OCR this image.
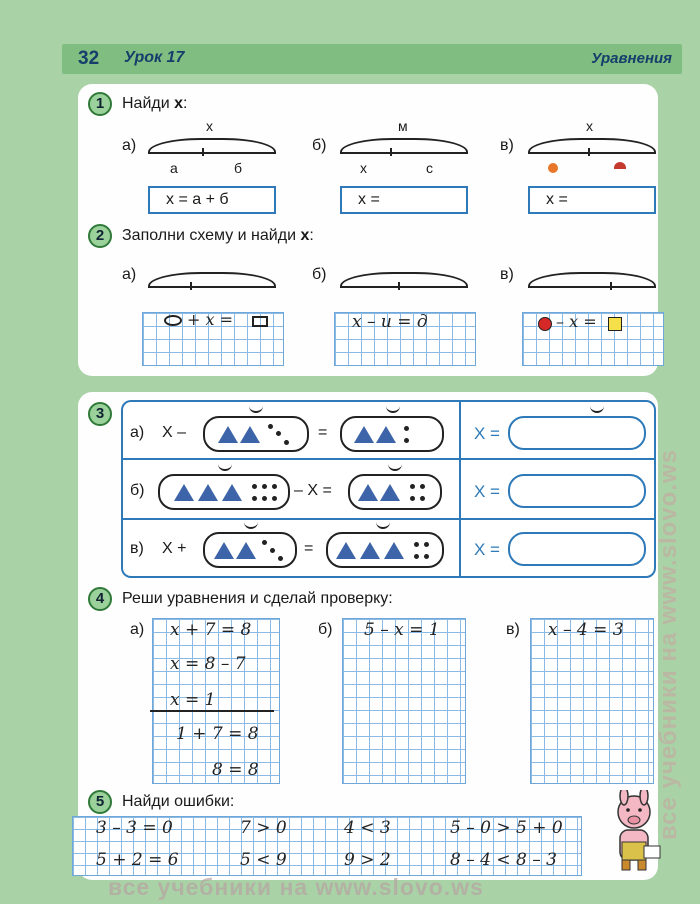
32 Урок 17	Уравнения
1	Найди x:
а)
x
а	б
x = а + б
б)
м
x	с
x =
в)
x
x =
2	Заполни схему и найди x:
а)
+ x =
б)
x – и = д
в)
– x =
3
а) X –	=	X =
б)	– X =	X =
в) X +	=	X =
4	Реши уравнения и сделай проверку:
а) x + 7 = 8
x = 8 – 7
x = 1
1 + 7 = 8
8 = 8
б) 5 – x = 1	в) x – 4 = 3
5	Найди ошибки:
3 – 3 = 0	7 > 0	4 < 3	5 – 0 > 5 + 0
5 + 2 = 6	5 < 9	9 > 2	8 – 4 < 8 – 3
все учебники на www.slovo.ws
все учебники на www.slovo.ws
